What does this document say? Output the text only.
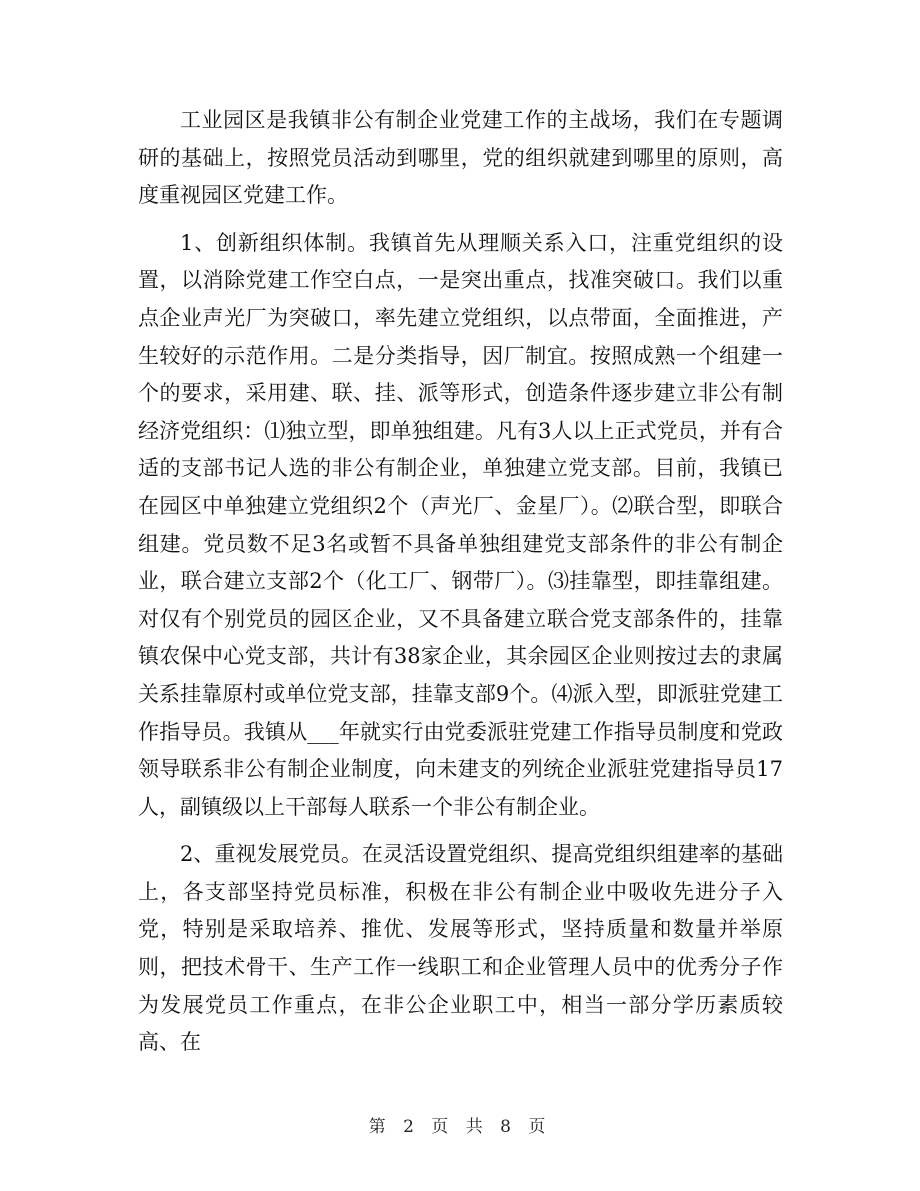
工业园区是我镇非公有制企业党建工作的主战场，我们在专题调研的基础上，按照党员活动到哪里，党的组织就建到哪里的原则，高度重视园区党建工作。

1、创新组织体制。我镇首先从理顺关系入口，注重党组织的设置，以消除党建工作空白点，一是突出重点，找准突破口。我们以重点企业声光厂为突破口，率先建立党组织，以点带面，全面推进，产生较好的示范作用。二是分类指导，因厂制宜。按照成熟一个组建一个的要求，采用建、联、挂、派等形式，创造条件逐步建立非公有制经济党组织：⑴独立型，即单独组建。凡有3人以上正式党员，并有合适的支部书记人选的非公有制企业，单独建立党支部。目前，我镇已在园区中单独建立党组织2个（声光厂、金星厂）。⑵联合型，即联合组建。党员数不足3名或暂不具备单独组建党支部条件的非公有制企业，联合建立支部2个（化工厂、钢带厂）。⑶挂靠型，即挂靠组建。对仅有个别党员的园区企业，又不具备建立联合党支部条件的，挂靠镇农保中心党支部，共计有38家企业，其余园区企业则按过去的隶属关系挂靠原村或单位党支部，挂靠支部9个。⑷派入型，即派驻党建工作指导员。我镇从___年就实行由党委派驻党建工作指导员制度和党政领导联系非公有制企业制度，向未建支的列统企业派驻党建指导员17人，副镇级以上干部每人联系一个非公有制企业。

2、重视发展党员。在灵活设置党组织、提高党组织组建率的基础上，各支部坚持党员标准，积极在非公有制企业中吸收先进分子入党，特别是采取培养、推优、发展等形式，坚持质量和数量并举原则，把技术骨干、生产工作一线职工和企业管理人员中的优秀分子作为发展党员工作重点，在非公企业职工中，相当一部分学历素质较高、在

第 2 页 共 8 页
